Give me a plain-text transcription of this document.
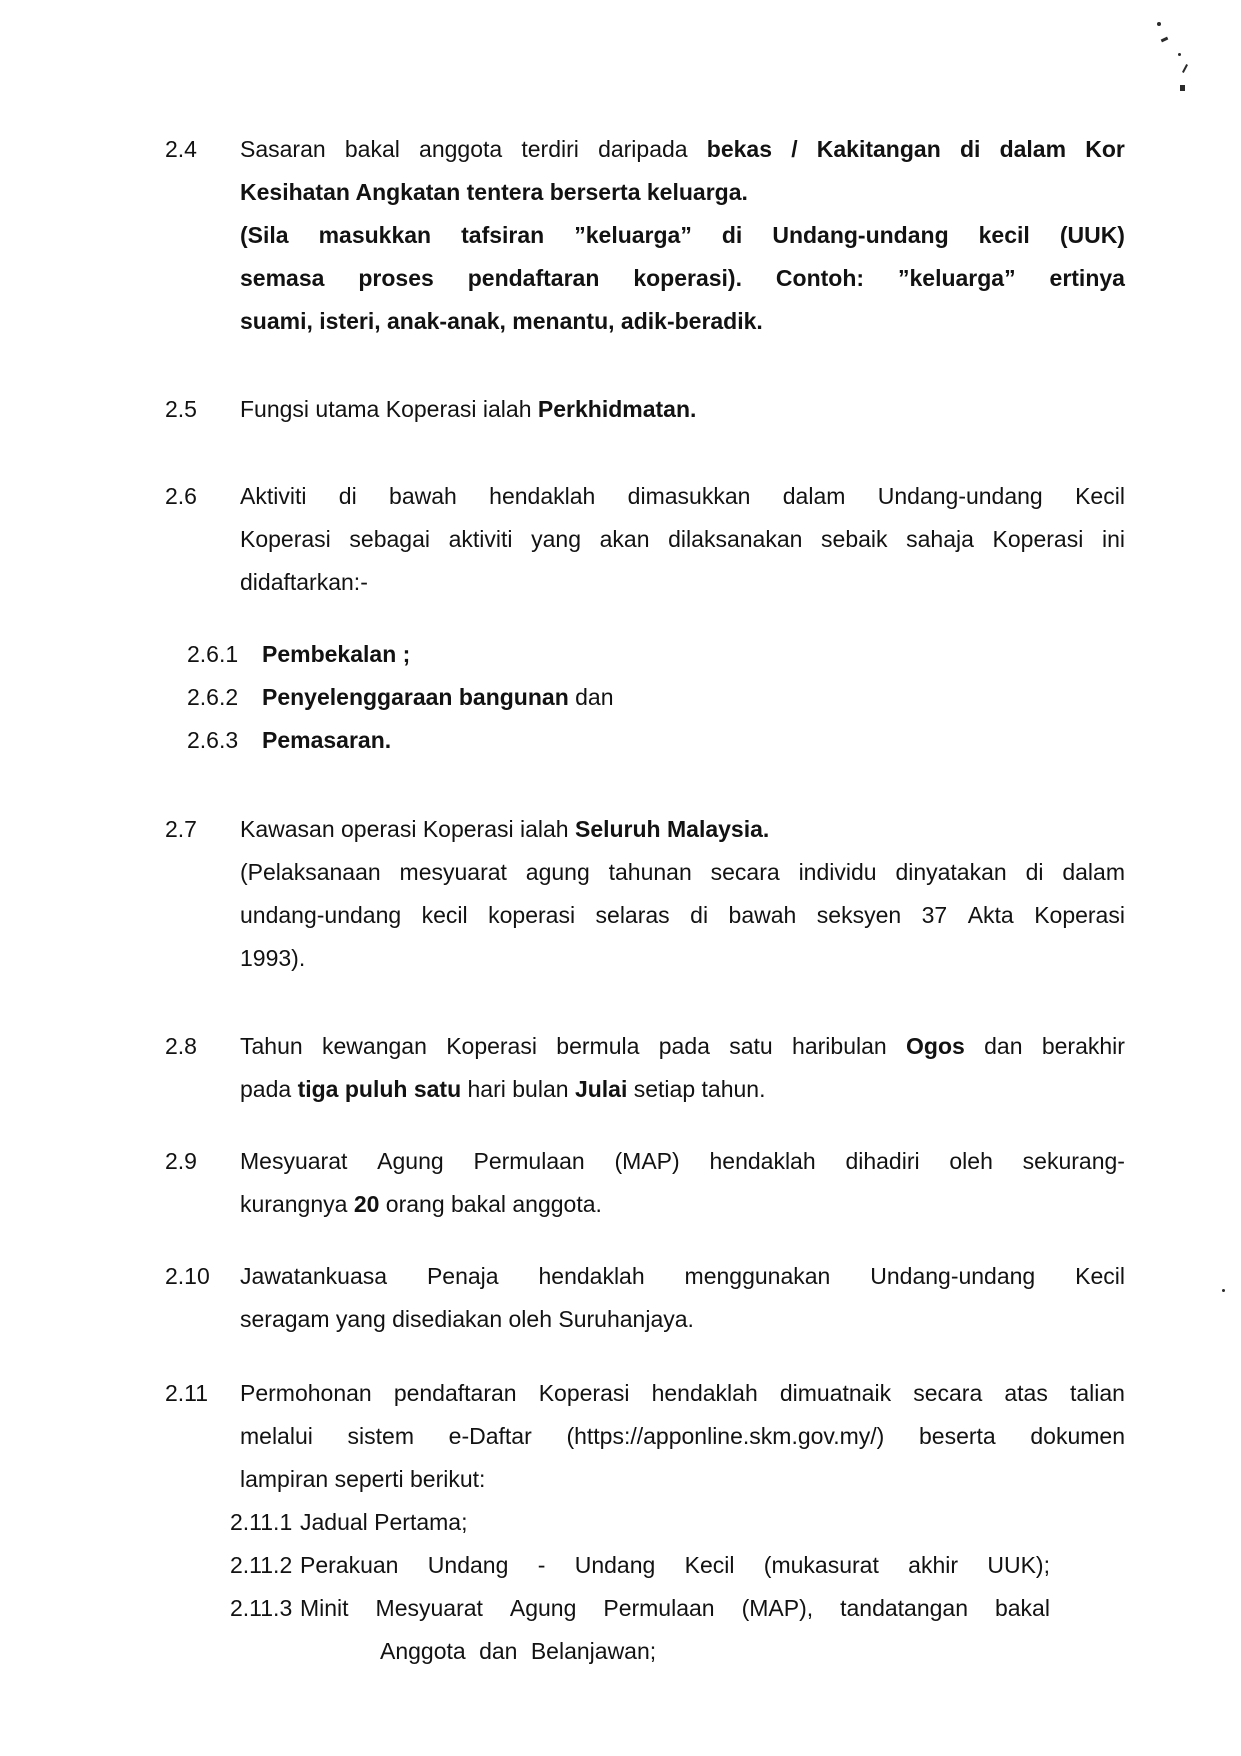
2.4	Sasaran bakal anggota terdiri daripada bekas / Kakitangan di dalam Kor
Kesihatan Angkatan tentera berserta keluarga.
(Sila masukkan tafsiran ”keluarga” di Undang-undang kecil (UUK)
semasa proses pendaftaran koperasi). Contoh: ”keluarga” ertinya
suami, isteri, anak-anak, menantu, adik-beradik.
2.5	Fungsi utama Koperasi ialah Perkhidmatan.
2.6	Aktiviti di bawah hendaklah dimasukkan dalam Undang-undang Kecil
Koperasi sebagai aktiviti yang akan dilaksanakan sebaik sahaja Koperasi ini
didaftarkan:-
2.6.1	Pembekalan ;
2.6.2	Penyelenggaraan bangunan dan
2.6.3	Pemasaran.
2.7	Kawasan operasi Koperasi ialah Seluruh Malaysia.
(Pelaksanaan mesyuarat agung tahunan secara individu dinyatakan di dalam
undang-undang kecil koperasi selaras di bawah seksyen 37 Akta Koperasi
1993).
2.8	Tahun kewangan Koperasi bermula pada satu haribulan Ogos dan berakhir
pada tiga puluh satu hari bulan Julai setiap tahun.
2.9	Mesyuarat Agung Permulaan (MAP) hendaklah dihadiri oleh sekurang-
kurangnya 20 orang bakal anggota.
2.10	Jawatankuasa Penaja hendaklah menggunakan Undang-undang Kecil
seragam yang disediakan oleh Suruhanjaya.
2.11	Permohonan pendaftaran Koperasi hendaklah dimuatnaik secara atas talian
melalui sistem e-Daftar (https://apponline.skm.gov.my/) beserta dokumen
lampiran seperti berikut:
2.11.1 Jadual Pertama;
2.11.2 Perakuan Undang - Undang Kecil (mukasurat akhir UUK);
2.11.3 Minit Mesyuarat Agung Permulaan (MAP), tandatangan bakal
Anggota dan Belanjawan;
